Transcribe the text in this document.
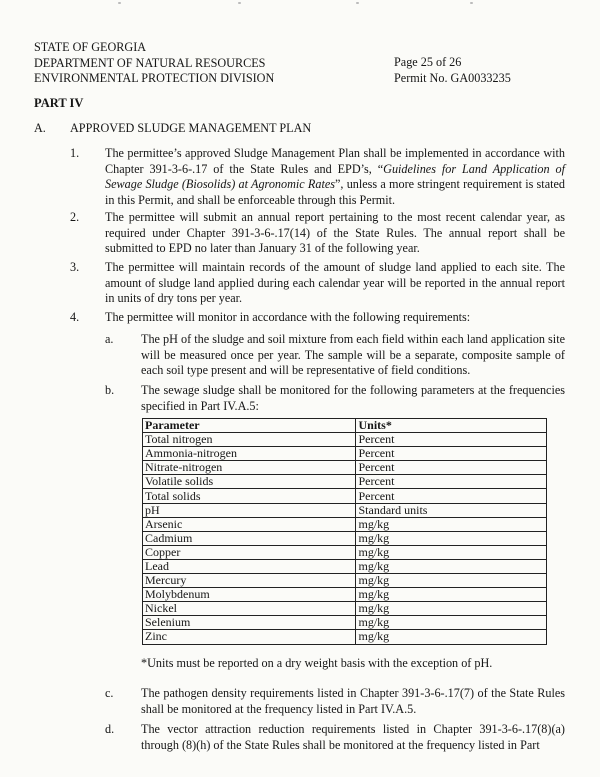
STATE OF GEORGIA
DEPARTMENT OF NATURAL RESOURCES
ENVIRONMENTAL PROTECTION DIVISION
Page 25 of 26
Permit No. GA0033235
PART IV
A. APPROVED SLUDGE MANAGEMENT PLAN
1. The permittee’s approved Sludge Management Plan shall be implemented in accordance with Chapter 391-3-6-.17 of the State Rules and EPD’s, “Guidelines for Land Application of Sewage Sludge (Biosolids) at Agronomic Rates”, unless a more stringent requirement is stated in this Permit, and shall be enforceable through this Permit.
2. The permittee will submit an annual report pertaining to the most recent calendar year, as required under Chapter 391-3-6-.17(14) of the State Rules. The annual report shall be submitted to EPD no later than January 31 of the following year.
3. The permittee will maintain records of the amount of sludge land applied to each site. The amount of sludge land applied during each calendar year will be reported in the annual report in units of dry tons per year.
4. The permittee will monitor in accordance with the following requirements:
a. The pH of the sludge and soil mixture from each field within each land application site will be measured once per year. The sample will be a separate, composite sample of each soil type present and will be representative of field conditions.
b. The sewage sludge shall be monitored for the following parameters at the frequencies specified in Part IV.A.5:
Parameter	Units*
Total nitrogen	Percent
Ammonia-nitrogen	Percent
Nitrate-nitrogen	Percent
Volatile solids	Percent
Total solids	Percent
pH	Standard units
Arsenic	mg/kg
Cadmium	mg/kg
Copper	mg/kg
Lead	mg/kg
Mercury	mg/kg
Molybdenum	mg/kg
Nickel	mg/kg
Selenium	mg/kg
Zinc	mg/kg
*Units must be reported on a dry weight basis with the exception of pH.
c. The pathogen density requirements listed in Chapter 391-3-6-.17(7) of the State Rules shall be monitored at the frequency listed in Part IV.A.5.
d. The vector attraction reduction requirements listed in Chapter 391-3-6-.17(8)(a) through (8)(h) of the State Rules shall be monitored at the frequency listed in Part
